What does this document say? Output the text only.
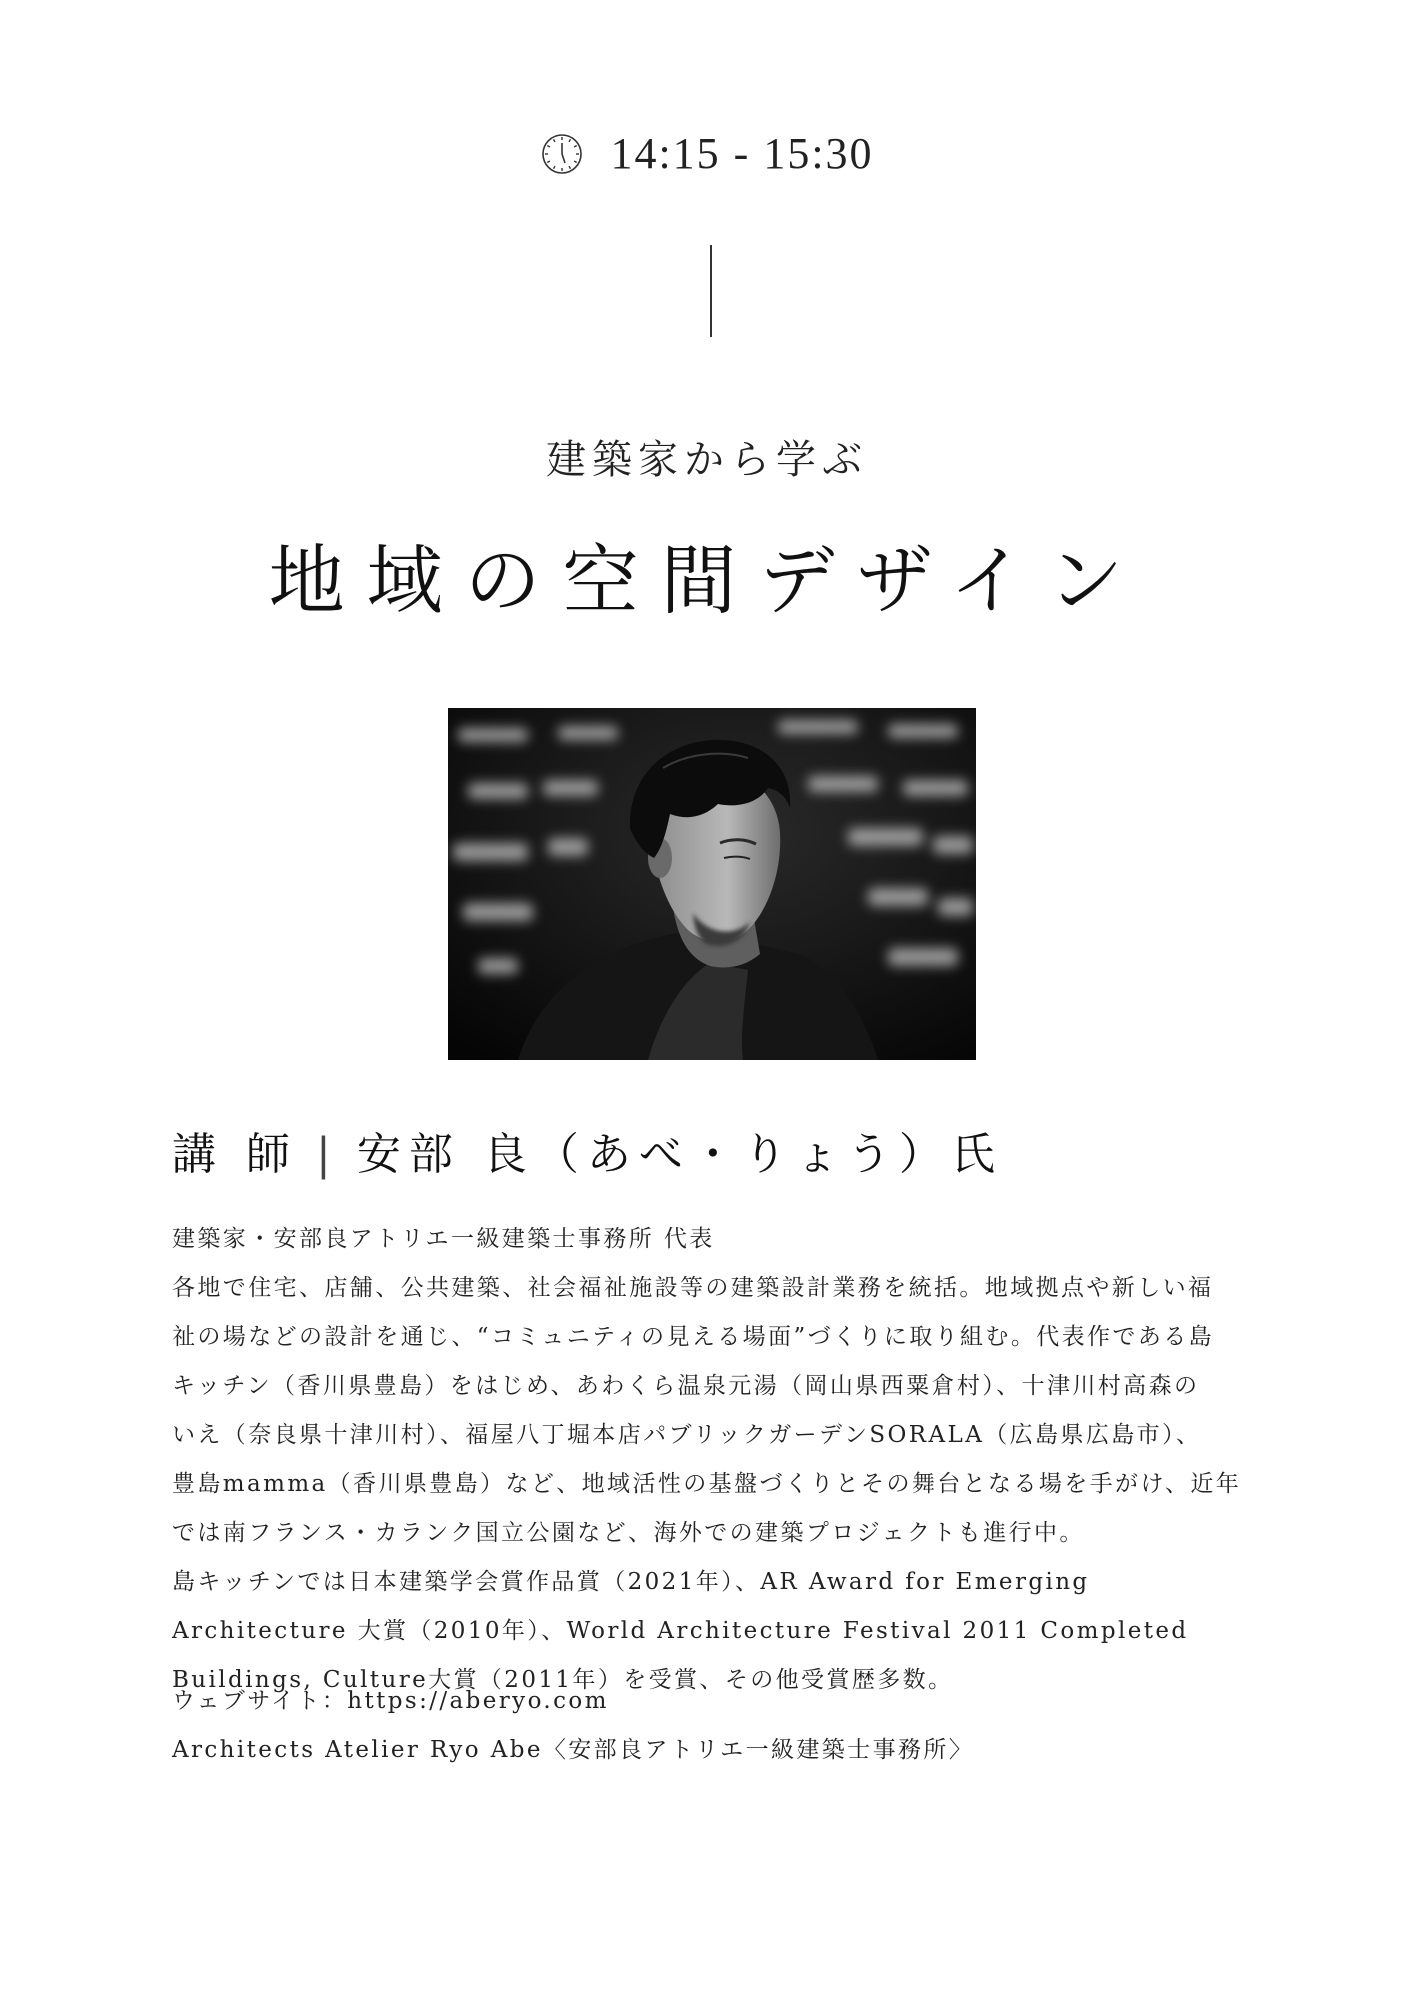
14:15 - 15:30
建築家から学ぶ
地域の空間デザイン
講 師 | 安部 良（あべ・りょう）氏

建築家・安部良アトリエ一級建築士事務所 代表

各地で住宅、店舗、公共建築、社会福祉施設等の建築設計業務を統括。地域拠点や新しい福

祉の場などの設計を通じ、“コミュニティの見える場面”づくりに取り組む。代表作である島

キッチン（香川県豊島）をはじめ、あわくら温泉元湯（岡山県西粟倉村）、十津川村高森の

いえ（奈良県十津川村）、福屋八丁堀本店パブリックガーデンSORALA（広島県広島市）、

豊島mamma（香川県豊島）など、地域活性の基盤づくりとその舞台となる場を手がけ、近年

では南フランス・カランク国立公園など、海外での建築プロジェクトも進行中。

島キッチンでは日本建築学会賞作品賞（2021年）、AR Award for Emerging

Architecture 大賞（2010年）、World Architecture Festival 2011 Completed

Buildings, Culture大賞（2011年）を受賞、その他受賞歴多数。

ウェブサイト：https://aberyo.com

Architects Atelier Ryo Abe〈安部良アトリエ一級建築士事務所〉
